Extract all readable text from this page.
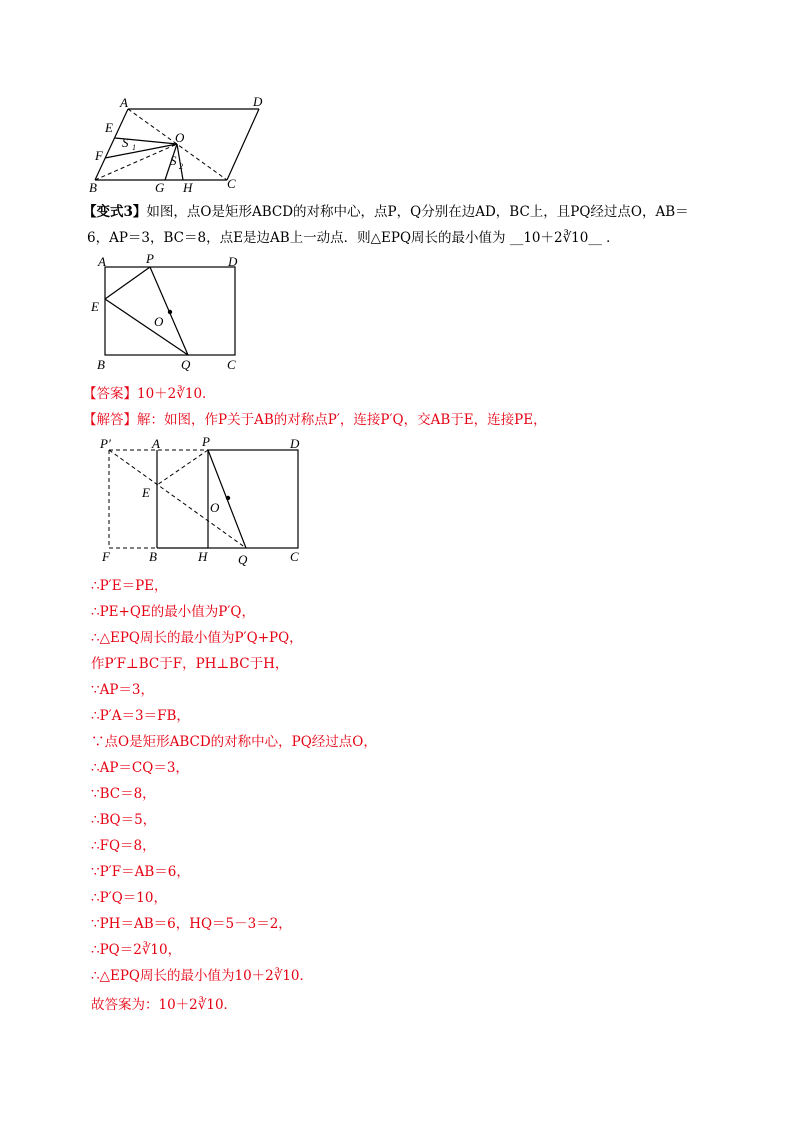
A	D
E
O
S 1
F	S 2
B	G H	C
【变式3】如图，点O是矩形ABCD的对称中心，点P，Q分别在边AD，BC上，且PQ经过点O，AB＝
6，AP＝3，BC＝8，点E是边AB上一动点．则△EPQ周长的最小值为 __10＋2∛10__ ．
A	P	D
E
O
B	Q	C
【答案】10＋2∛10．
【解答】解：如图，作P关于AB的对称点P′，连接P′Q，交AB于E，连接PE，
P′	A	P	D
E
O
F	B	H Q	C
∴P′E＝PE，
∴PE+QE的最小值为P′Q，
∴△EPQ周长的最小值为P′Q+PQ，
作P′F⊥BC于F，PH⊥BC于H，
∵AP＝3，
∴P′A＝3＝FB，
∵点O是矩形ABCD的对称中心，PQ经过点O，
∴AP＝CQ＝3，
∵BC＝8，
∴BQ＝5，
∴FQ＝8，
∵P′F＝AB＝6，
∴P′Q＝10，
∵PH＝AB＝6，HQ＝5－3＝2，
∴PQ＝2∛10，
∴△EPQ周长的最小值为10＋2∛10．
故答案为：10＋2∛10．
